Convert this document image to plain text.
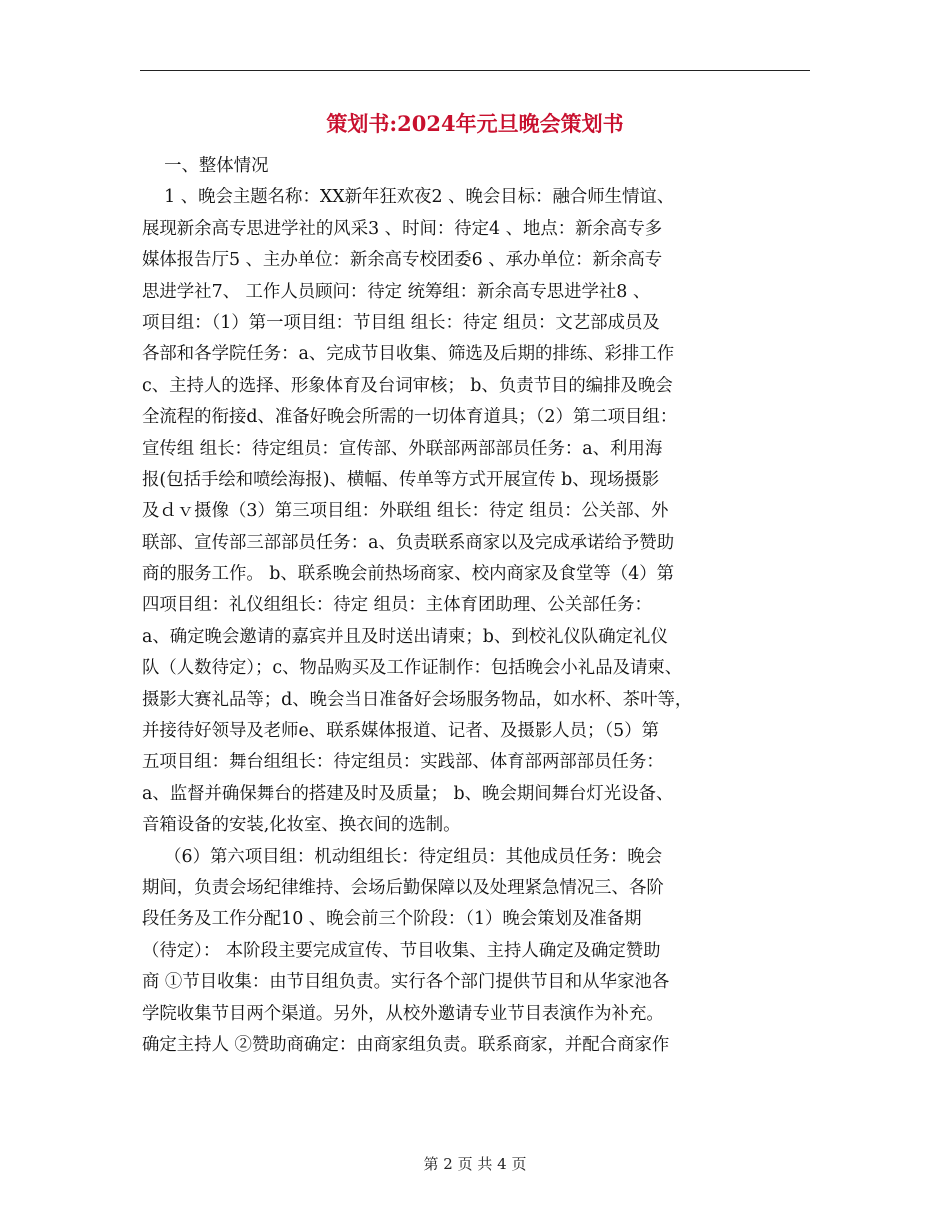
策划书:2024年元旦晚会策划书
一、整体情况
1 、晚会主题名称：XX新年狂欢夜2 、晚会目标：融合师生情谊、
展现新余高专思进学社的风采3 、时间：待定4 、地点：新余高专多
媒体报告厅5 、主办单位：新余高专校团委6 、承办单位：新余高专
思进学社7、 工作人员顾问：待定 统筹组：新余高专思进学社8 、
项目组：（1）第一项目组：节目组 组长：待定 组员：文艺部成员及
各部和各学院任务：a、完成节目收集、筛选及后期的排练、彩排工作
c、主持人的选择、形象体育及台词审核； b、负责节目的编排及晚会
全流程的衔接d、准备好晚会所需的一切体育道具；（2）第二项目组：
宣传组 组长：待定组员：宣传部、外联部两部部员任务：a、利用海
报(包括手绘和喷绘海报)、横幅、传单等方式开展宣传 b、现场摄影
及ｄｖ摄像（3）第三项目组：外联组 组长：待定 组员：公关部、外
联部、宣传部三部部员任务：a、负责联系商家以及完成承诺给予赞助
商的服务工作。 b、联系晚会前热场商家、校内商家及食堂等（4）第
四项目组：礼仪组组长：待定 组员：主体育团助理、公关部任务：
a、确定晚会邀请的嘉宾并且及时送出请柬；b、到校礼仪队确定礼仪
队（人数待定）；c、物品购买及工作证制作：包括晚会小礼品及请柬、
摄影大赛礼品等；d、晚会当日准备好会场服务物品，如水杯、茶叶等，
并接待好领导及老师e、联系媒体报道、记者、及摄影人员；（5）第
五项目组：舞台组组长：待定组员：实践部、体育部两部部员任务：
a、监督并确保舞台的搭建及时及质量； b、晚会期间舞台灯光设备、
音箱设备的安装,化妆室、换衣间的选制。
（6）第六项目组：机动组组长：待定组员：其他成员任务：晚会
期间，负责会场纪律维持、会场后勤保障以及处理紧急情况三、各阶
段任务及工作分配10 、晚会前三个阶段：（1）晚会策划及准备期
（待定）： 本阶段主要完成宣传、节目收集、主持人确定及确定赞助
商 ①节目收集：由节目组负责。实行各个部门提供节目和从华家池各
学院收集节目两个渠道。另外，从校外邀请专业节目表演作为补充。
确定主持人 ②赞助商确定：由商家组负责。联系商家，并配合商家作
第 2 页 共 4 页
